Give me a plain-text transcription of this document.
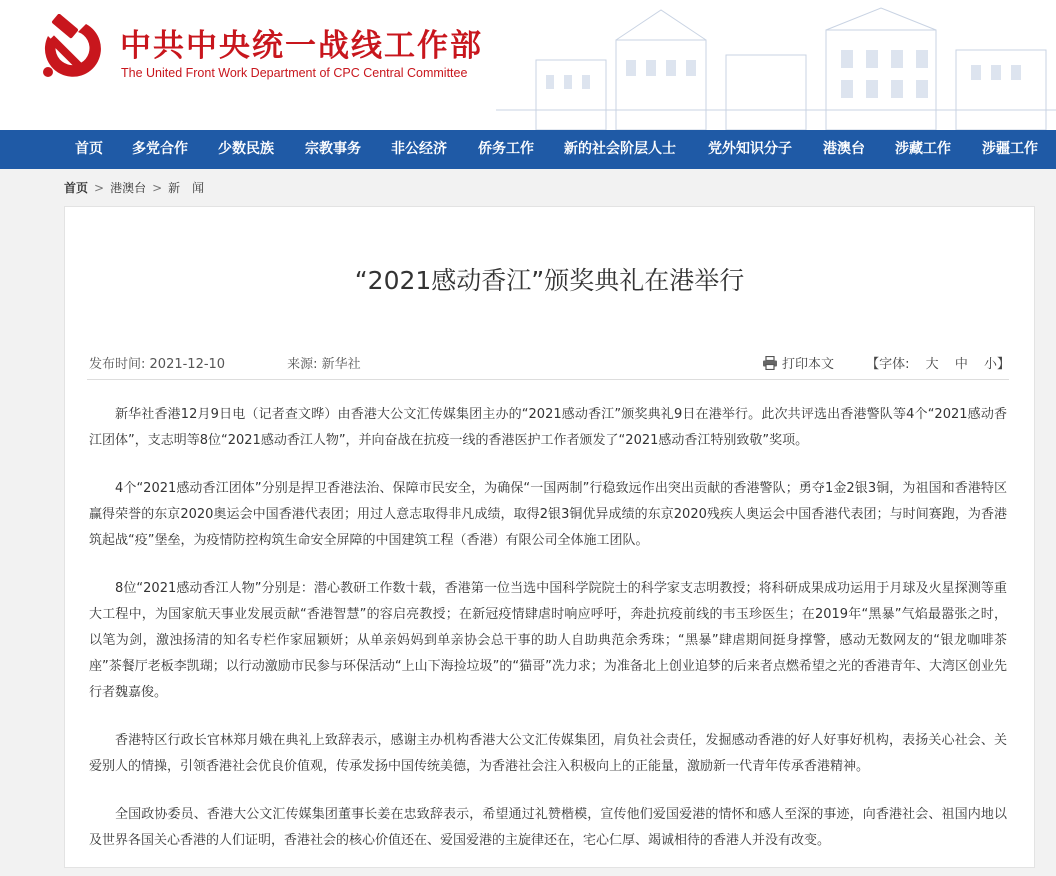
中共中央统一战线工作部
The United Front Work Department of CPC Central Committee
首页 多党合作 少数民族 宗教事务 非公经济 侨务工作 新的社会阶层人士 党外知识分子 港澳台 涉藏工作 涉疆工作
首页 > 港澳台 > 新　闻
“2021感动香江”颁奖典礼在港举行
发布时间: 2021-12-10	来源: 新华社	打印本文 【字体: 大 中 小】

新华社香港12月9日电（记者查文晔）由香港大公文汇传媒集团主办的“2021感动香江”颁奖典礼9日在港举行。此次共评选出香港警队等4个“2021感动香江团体”，支志明等8位“2021感动香江人物”，并向奋战在抗疫一线的香港医护工作者颁发了“2021感动香江特别致敬”奖项。

4个“2021感动香江团体”分别是捍卫香港法治、保障市民安全，为确保“一国两制”行稳致远作出突出贡献的香港警队；勇夺1金2银3铜，为祖国和香港特区赢得荣誉的东京2020奥运会中国香港代表团；用过人意志取得非凡成绩，取得2银3铜优异成绩的东京2020残疾人奥运会中国香港代表团；与时间赛跑，为香港筑起战“疫”堡垒，为疫情防控构筑生命安全屏障的中国建筑工程（香港）有限公司全体施工团队。

8位“2021感动香江人物”分别是：潜心教研工作数十载，香港第一位当选中国科学院院士的科学家支志明教授；将科研成果成功运用于月球及火星探测等重大工程中，为国家航天事业发展贡献“香港智慧”的容启亮教授；在新冠疫情肆虐时响应呼吁，奔赴抗疫前线的韦玉珍医生；在2019年“黑暴”气焰最嚣张之时，以笔为剑，激浊扬清的知名专栏作家屈颖妍；从单亲妈妈到单亲协会总干事的助人自助典范余秀珠；“黑暴”肆虐期间挺身撑警，感动无数网友的“银龙咖啡茶座”茶餐厅老板李凯瑚；以行动激励市民参与环保活动“上山下海捡垃圾”的“猫哥”冼力求；为准备北上创业追梦的后来者点燃希望之光的香港青年、大湾区创业先行者魏嘉俊。

香港特区行政长官林郑月娥在典礼上致辞表示，感谢主办机构香港大公文汇传媒集团，肩负社会责任，发掘感动香港的好人好事好机构，表扬关心社会、关爱别人的情操，引领香港社会优良价值观，传承发扬中国传统美德，为香港社会注入积极向上的正能量，激励新一代青年传承香港精神。

全国政协委员、香港大公文汇传媒集团董事长姜在忠致辞表示，希望通过礼赞楷模，宣传他们爱国爱港的情怀和感人至深的事迹，向香港社会、祖国内地以及世界各国关心香港的人们证明，香港社会的核心价值还在、爱国爱港的主旋律还在，宅心仁厚、竭诚相待的香港人并没有改变。
